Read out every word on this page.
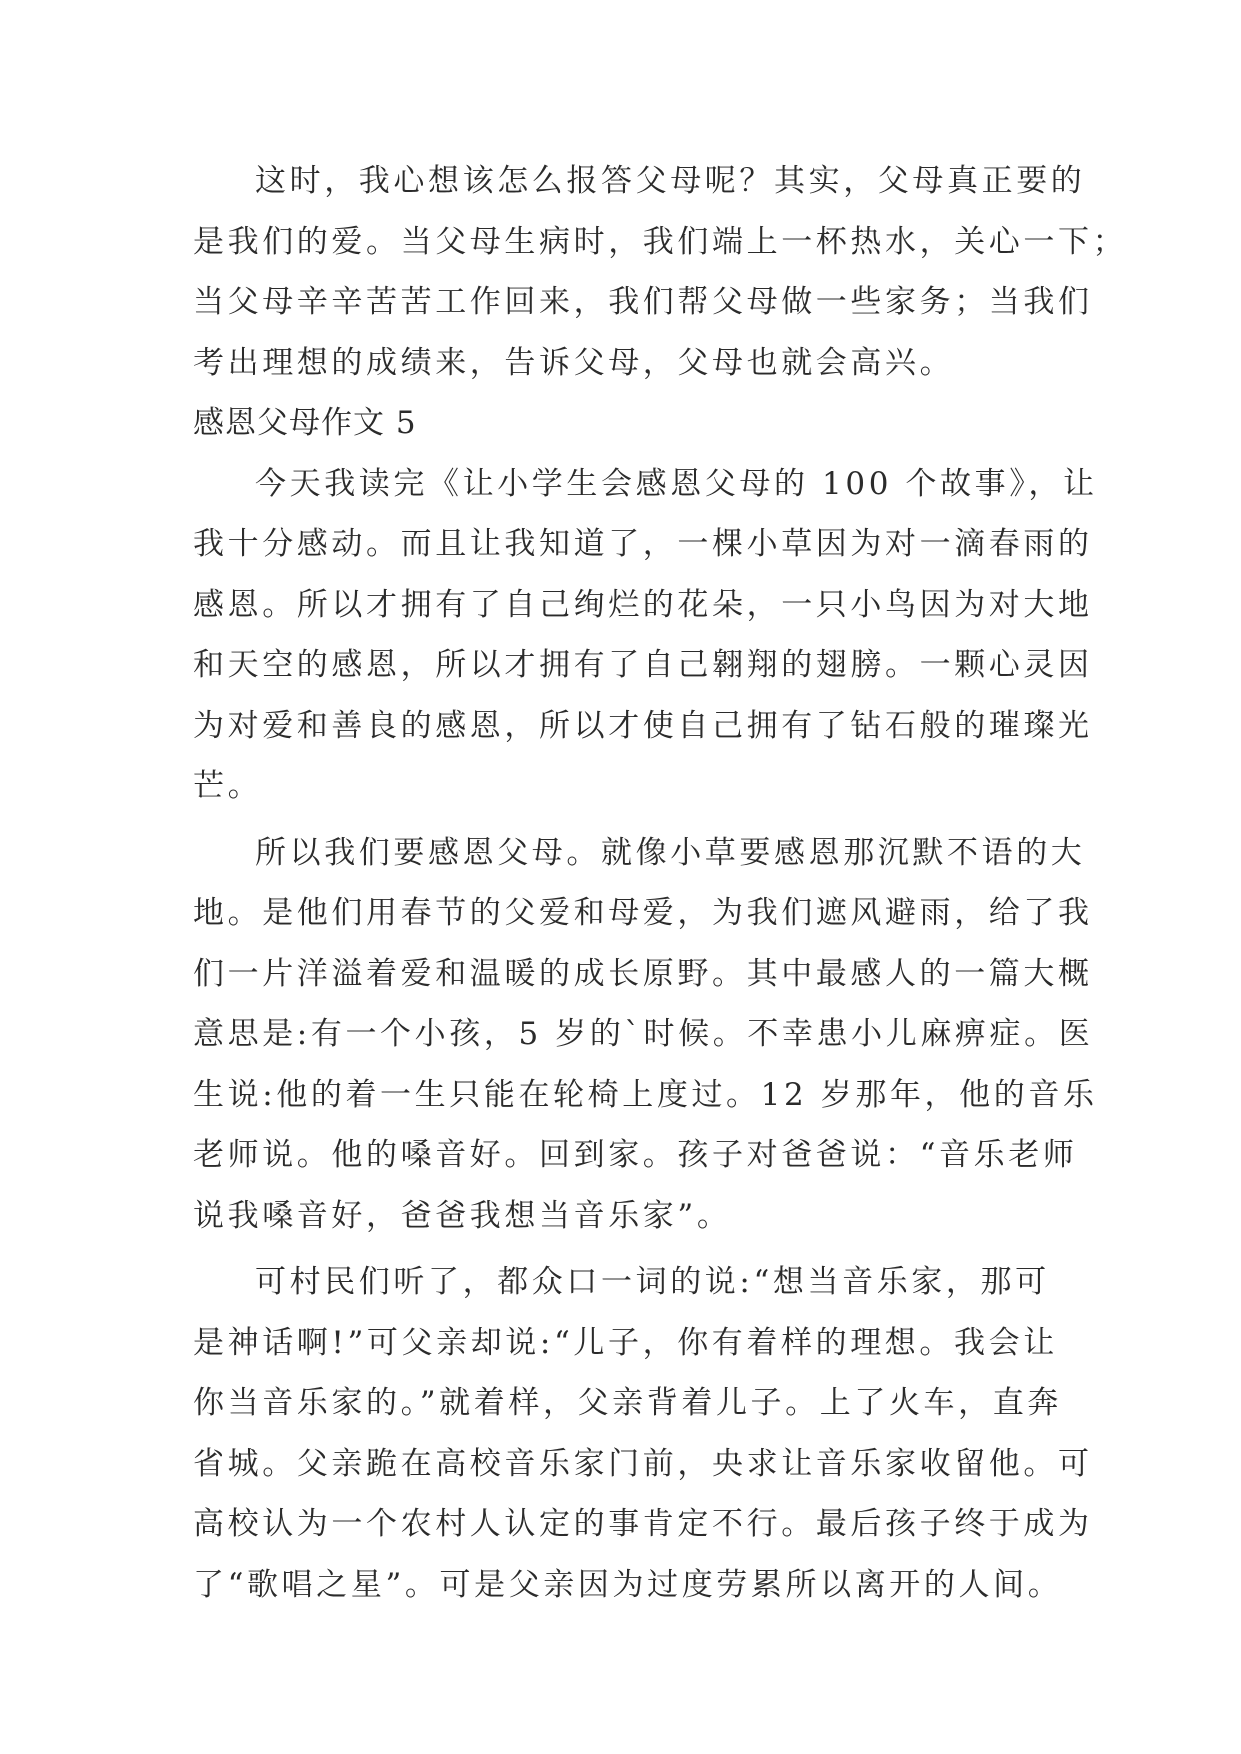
这时，我心想该怎么报答父母呢？其实，父母真正要的
是我们的爱。当父母生病时，我们端上一杯热水，关心一下；
当父母辛辛苦苦工作回来，我们帮父母做一些家务；当我们
考出理想的成绩来，告诉父母，父母也就会高兴。
感恩父母作文 5
今天我读完《让小学生会感恩父母的 100 个故事》，让
我十分感动。而且让我知道了，一棵小草因为对一滴春雨的
感恩。所以才拥有了自己绚烂的花朵，一只小鸟因为对大地
和天空的感恩，所以才拥有了自己翱翔的翅膀。一颗心灵因
为对爱和善良的感恩，所以才使自己拥有了钻石般的璀璨光
芒。
所以我们要感恩父母。就像小草要感恩那沉默不语的大
地。是他们用春节的父爱和母爱，为我们遮风避雨，给了我
们一片洋溢着爱和温暖的成长原野。其中最感人的一篇大概
意思是:有一个小孩，5 岁的`时候。不幸患小儿麻痹症。医
生说:他的着一生只能在轮椅上度过。12 岁那年，他的音乐
老师说。他的嗓音好。回到家。孩子对爸爸说：“音乐老师
说我嗓音好，爸爸我想当音乐家”。
可村民们听了，都众口一词的说:“想当音乐家，那可
是神话啊!”可父亲却说:“儿子，你有着样的理想。我会让
你当音乐家的。”就着样，父亲背着儿子。上了火车，直奔
省城。父亲跪在高校音乐家门前，央求让音乐家收留他。可
高校认为一个农村人认定的事肯定不行。最后孩子终于成为
了“歌唱之星”。可是父亲因为过度劳累所以离开的人间。
